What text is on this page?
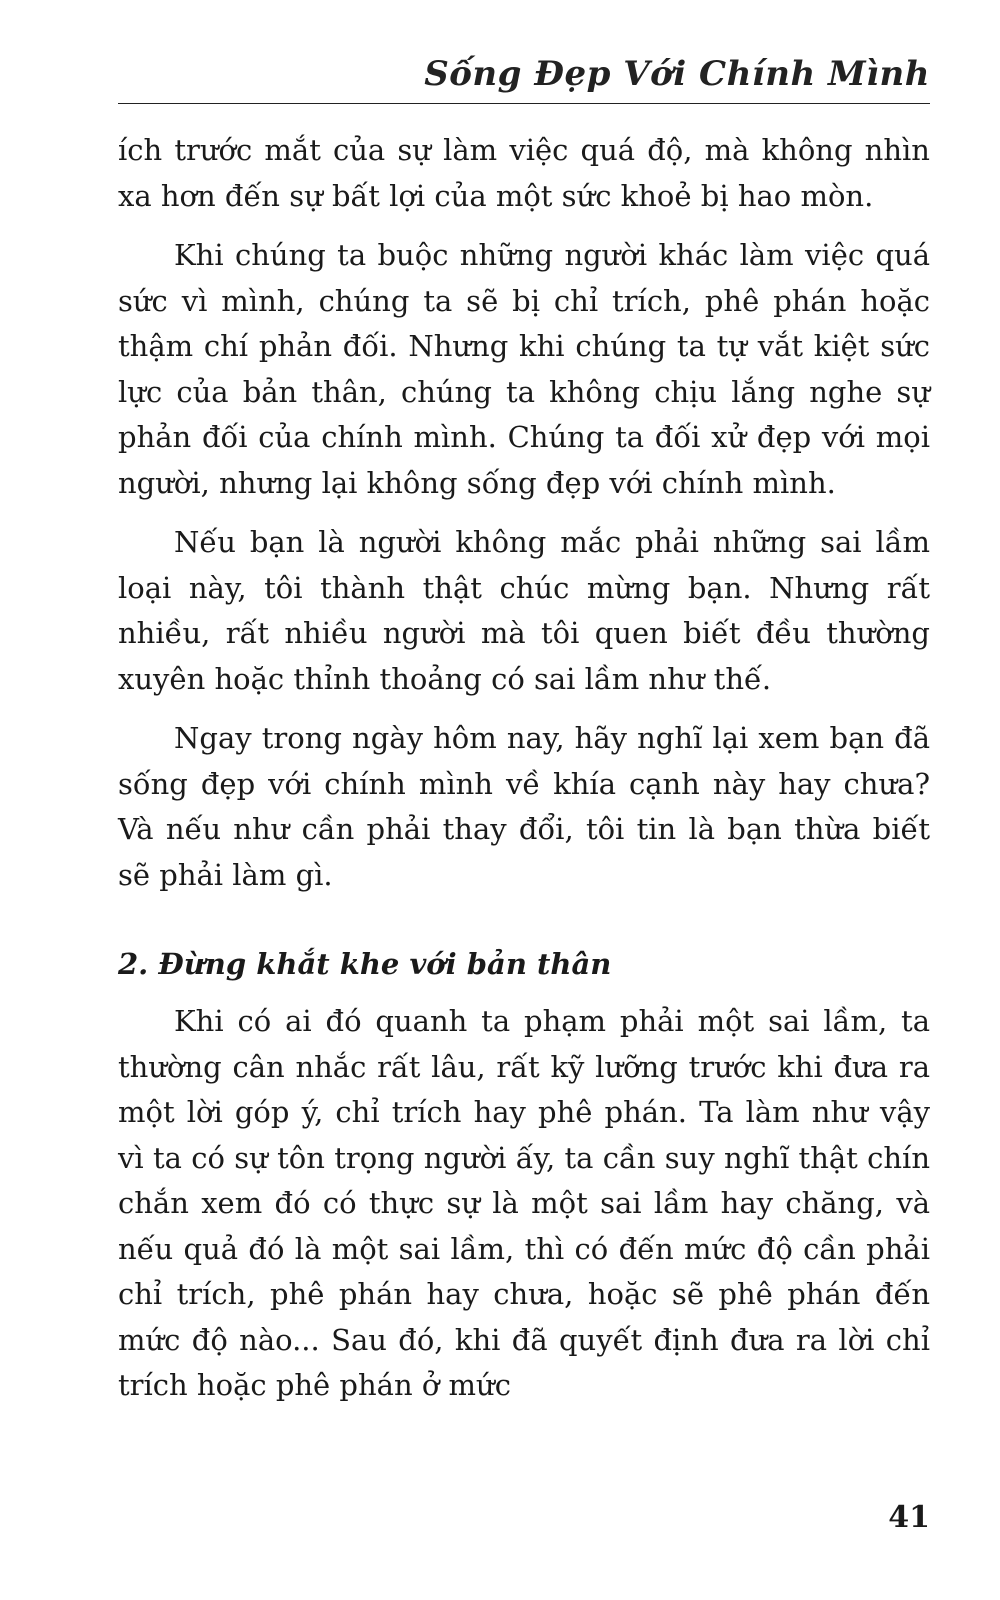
Sống Đẹp Với Chính Mình

ích trước mắt của sự làm việc quá độ, mà không nhìn xa hơn đến sự bất lợi của một sức khoẻ bị hao mòn.

Khi chúng ta buộc những người khác làm việc quá sức vì mình, chúng ta sẽ bị chỉ trích, phê phán hoặc thậm chí phản đối. Nhưng khi chúng ta tự vắt kiệt sức lực của bản thân, chúng ta không chịu lắng nghe sự phản đối của chính mình. Chúng ta đối xử đẹp với mọi người, nhưng lại không sống đẹp với chính mình.

Nếu bạn là người không mắc phải những sai lầm loại này, tôi thành thật chúc mừng bạn. Nhưng rất nhiều, rất nhiều người mà tôi quen biết đều thường xuyên hoặc thỉnh thoảng có sai lầm như thế.

Ngay trong ngày hôm nay, hãy nghĩ lại xem bạn đã sống đẹp với chính mình về khía cạnh này hay chưa? Và nếu như cần phải thay đổi, tôi tin là bạn thừa biết sẽ phải làm gì.

2. Đừng khắt khe với bản thân

Khi có ai đó quanh ta phạm phải một sai lầm, ta thường cân nhắc rất lâu, rất kỹ lưỡng trước khi đưa ra một lời góp ý, chỉ trích hay phê phán. Ta làm như vậy vì ta có sự tôn trọng người ấy, ta cần suy nghĩ thật chín chắn xem đó có thực sự là một sai lầm hay chăng, và nếu quả đó là một sai lầm, thì có đến mức độ cần phải chỉ trích, phê phán hay chưa, hoặc sẽ phê phán đến mức độ nào... Sau đó, khi đã quyết định đưa ra lời chỉ trích hoặc phê phán ở mức

41
